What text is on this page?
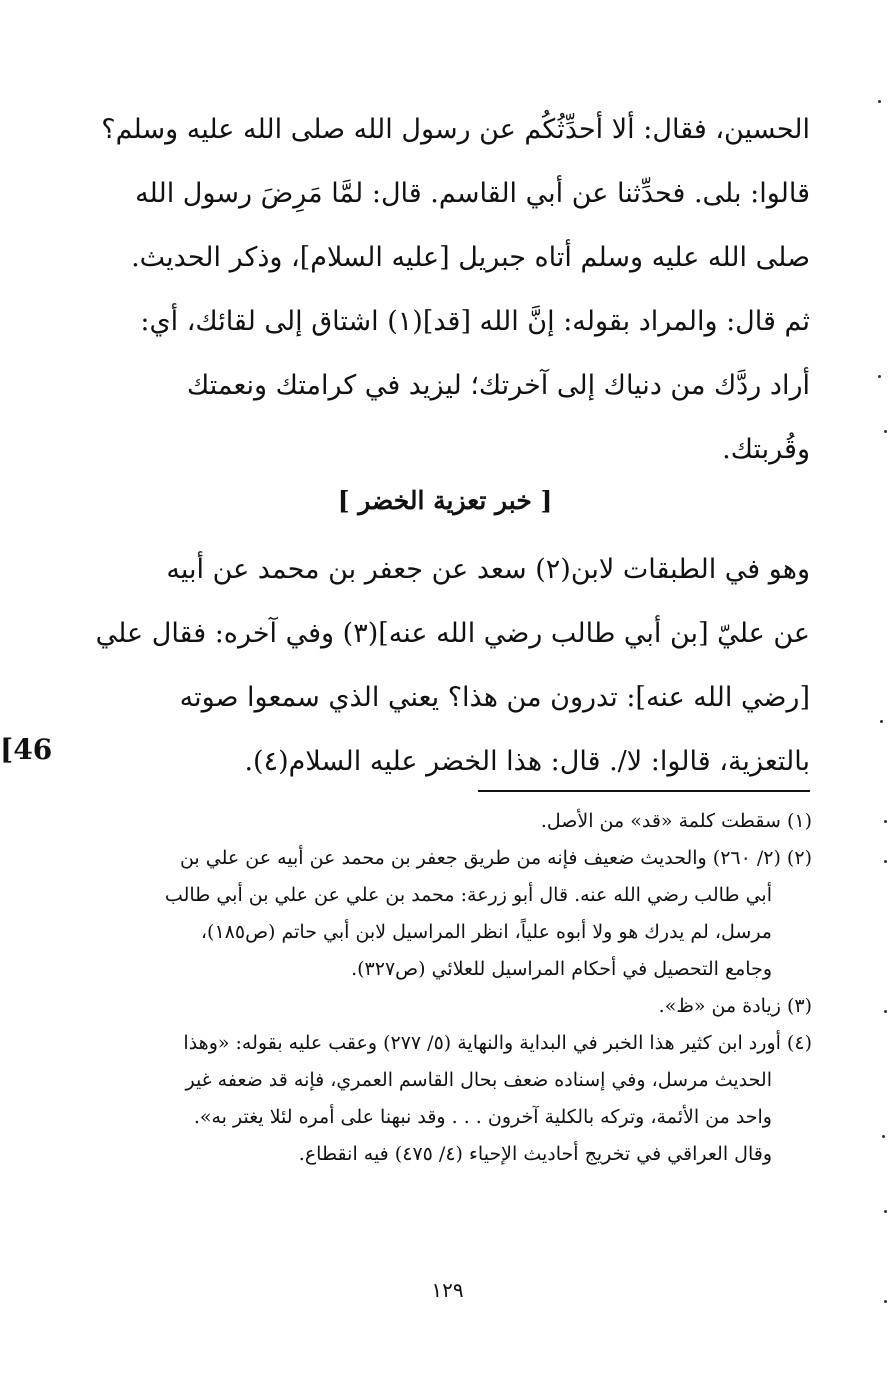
الحسين، فقال: ألا أحدِّثُكُم عن رسول الله صلى الله عليه وسلم؟
قالوا: بلى. فحدِّثنا عن أبي القاسم. قال: لمَّا مَرِضَ رسول الله
صلى الله عليه وسلم أتاه جبريل [عليه السلام]، وذكر الحديث.
ثم قال: والمراد بقوله: إنَّ الله [قد](١) اشتاق إلى لقائك، أي:
أراد ردَّك من دنياك إلى آخرتك؛ ليزيد في كرامتك ونعمتك
وقُربتك.
[ خبر تعزية الخضر ]
وهو في الطبقات لابن(٢) سعد عن جعفر بن محمد عن أبيه
عن عليّ [بن أبي طالب رضي الله عنه](٣) وفي آخره: فقال علي
[رضي الله عنه]: تدرون من هذا؟ يعني الذي سمعوا صوته
بالتعزية، قالوا: لا/. قال: هذا الخضر عليه السلام(٤).
[46

(١) سقطت كلمة «قد» من الأصل.

(٢) (٢/ ٢٦٠) والحديث ضعيف فإنه من طريق جعفر بن محمد عن أبيه عن علي بن

أبي طالب رضي الله عنه. قال أبو زرعة: محمد بن علي عن علي بن أبي طالب

مرسل، لم يدرك هو ولا أبوه علياً، انظر المراسيل لابن أبي حاتم (ص١٨٥)،

وجامع التحصيل في أحكام المراسيل للعلائي (ص٣٢٧).

(٣) زيادة من «ظ».

(٤) أورد ابن كثير هذا الخبر في البداية والنهاية (٥/ ٢٧٧) وعقب عليه بقوله: «وهذا

الحديث مرسل، وفي إسناده ضعف بحال القاسم العمري، فإنه قد ضعفه غير

واحد من الأئمة، وتركه بالكلية آخرون . . . وقد نبهنا على أمره لئلا يغتر به».

وقال العراقي في تخريج أحاديث الإحياء (٤/ ٤٧٥) فيه انقطاع.

١٢٩
